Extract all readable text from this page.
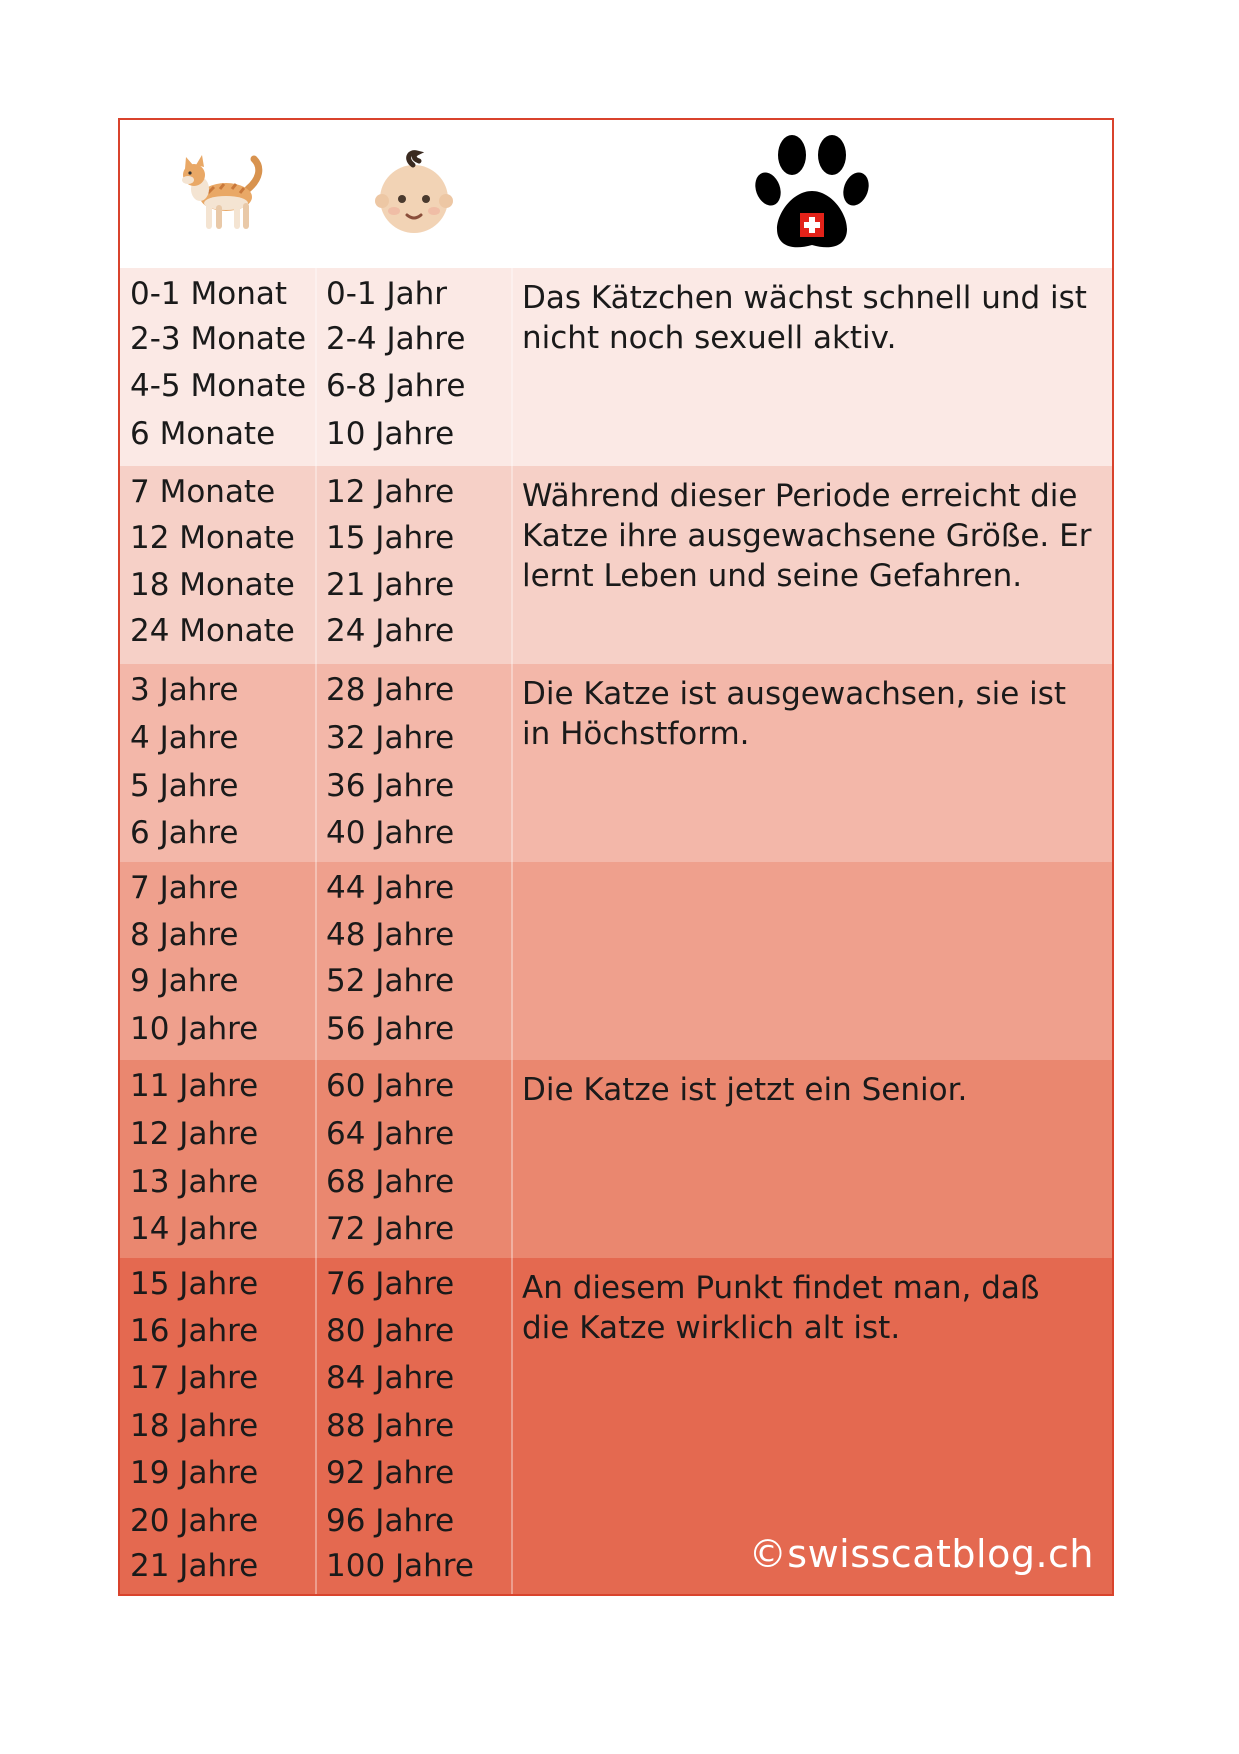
0-1 Monat
2-3 Monate
4-5 Monate
6 Monate
0-1 Jahr
2-4 Jahre
6-8 Jahre
10 Jahre
Das Kätzchen wächst schnell und ist nicht noch sexuell aktiv.
7 Monate
12 Monate
18 Monate
24 Monate
12 Jahre
15 Jahre
21 Jahre
24 Jahre
Während dieser Periode erreicht die Katze ihre ausgewachsene Größe. Er lernt Leben und seine Gefahren.
3 Jahre
4 Jahre
5 Jahre
6 Jahre
28 Jahre
32 Jahre
36 Jahre
40 Jahre
Die Katze ist ausgewachsen, sie ist in Höchstform.
7 Jahre
8 Jahre
9 Jahre
10 Jahre
44 Jahre
48 Jahre
52 Jahre
56 Jahre
11 Jahre
12 Jahre
13 Jahre
14 Jahre
60 Jahre
64 Jahre
68 Jahre
72 Jahre
Die Katze ist jetzt ein Senior.
15 Jahre
16 Jahre
17 Jahre
18 Jahre
19 Jahre
20 Jahre
21 Jahre
76 Jahre
80 Jahre
84 Jahre
88 Jahre
92 Jahre
96 Jahre
100 Jahre
An diesem Punkt findet man, daß die Katze wirklich alt ist.
©swisscatblog.ch
